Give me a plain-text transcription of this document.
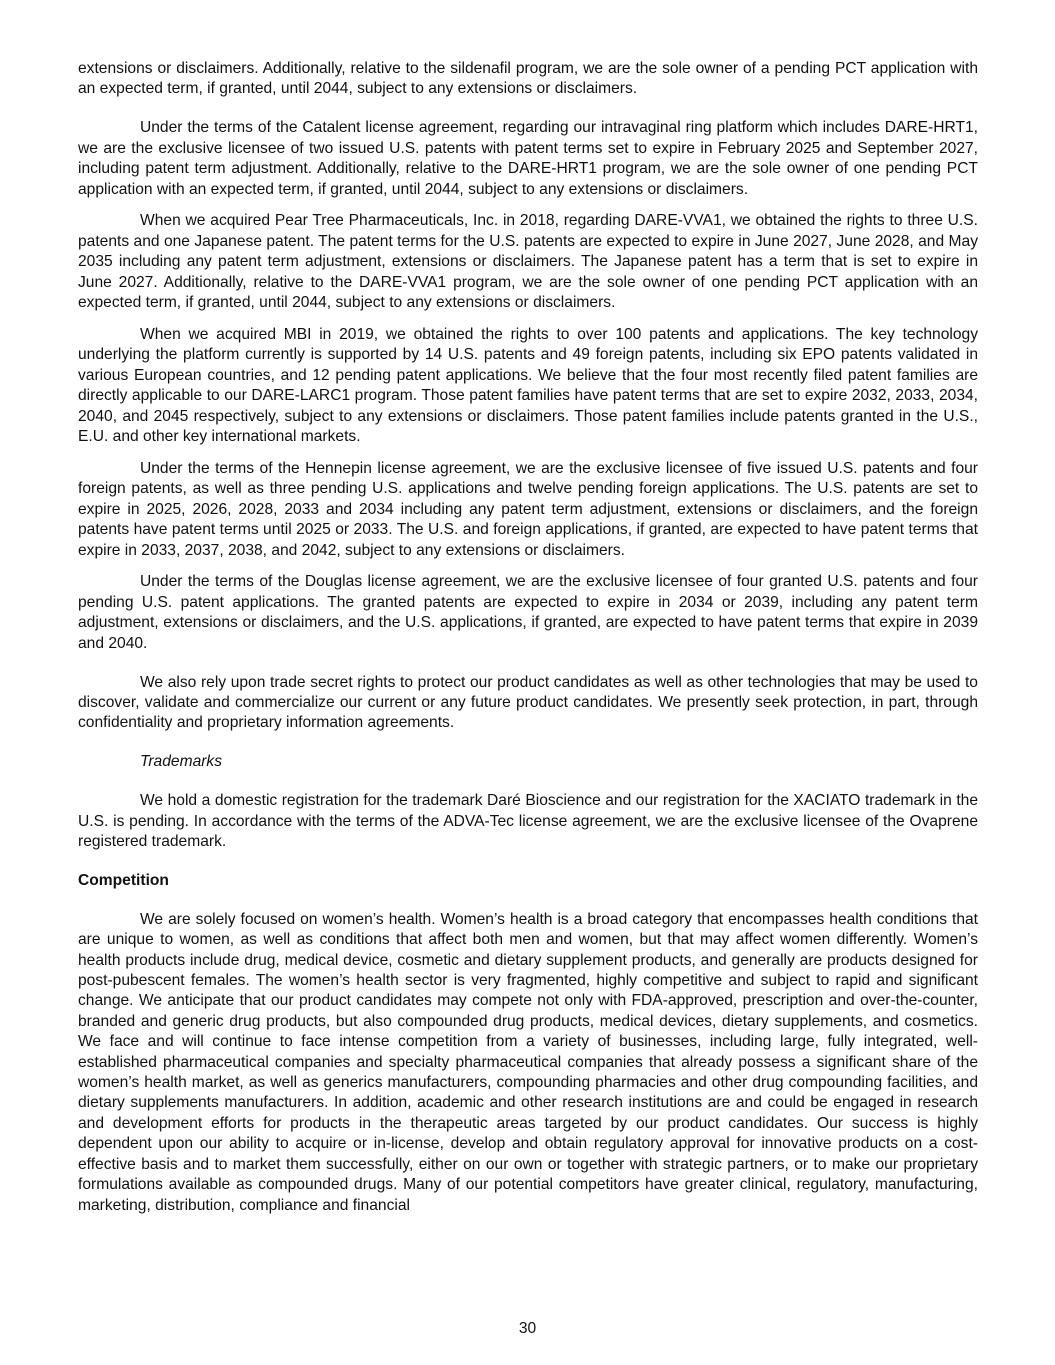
extensions or disclaimers. Additionally, relative to the sildenafil program, we are the sole owner of a pending PCT application with an expected term, if granted, until 2044, subject to any extensions or disclaimers.

Under the terms of the Catalent license agreement, regarding our intravaginal ring platform which includes DARE-HRT1, we are the exclusive licensee of two issued U.S. patents with patent terms set to expire in February 2025 and September 2027, including patent term adjustment. Additionally, relative to the DARE-HRT1 program, we are the sole owner of one pending PCT application with an expected term, if granted, until 2044, subject to any extensions or disclaimers.

When we acquired Pear Tree Pharmaceuticals, Inc. in 2018, regarding DARE-VVA1, we obtained the rights to three U.S. patents and one Japanese patent. The patent terms for the U.S. patents are expected to expire in June 2027, June 2028, and May 2035 including any patent term adjustment, extensions or disclaimers. The Japanese patent has a term that is set to expire in June 2027. Additionally, relative to the DARE-VVA1 program, we are the sole owner of one pending PCT application with an expected term, if granted, until 2044, subject to any extensions or disclaimers.

When we acquired MBI in 2019, we obtained the rights to over 100 patents and applications. The key technology underlying the platform currently is supported by 14 U.S. patents and 49 foreign patents, including six EPO patents validated in various European countries, and 12 pending patent applications. We believe that the four most recently filed patent families are directly applicable to our DARE-LARC1 program. Those patent families have patent terms that are set to expire 2032, 2033, 2034, 2040, and 2045 respectively, subject to any extensions or disclaimers. Those patent families include patents granted in the U.S., E.U. and other key international markets.

Under the terms of the Hennepin license agreement, we are the exclusive licensee of five issued U.S. patents and four foreign patents, as well as three pending U.S. applications and twelve pending foreign applications. The U.S. patents are set to expire in 2025, 2026, 2028, 2033 and 2034 including any patent term adjustment, extensions or disclaimers, and the foreign patents have patent terms until 2025 or 2033. The U.S. and foreign applications, if granted, are expected to have patent terms that expire in 2033, 2037, 2038, and 2042, subject to any extensions or disclaimers.

Under the terms of the Douglas license agreement, we are the exclusive licensee of four granted U.S. patents and four pending U.S. patent applications. The granted patents are expected to expire in 2034 or 2039, including any patent term adjustment, extensions or disclaimers, and the U.S. applications, if granted, are expected to have patent terms that expire in 2039 and 2040.

We also rely upon trade secret rights to protect our product candidates as well as other technologies that may be used to discover, validate and commercialize our current or any future product candidates. We presently seek protection, in part, through confidentiality and proprietary information agreements.

Trademarks

We hold a domestic registration for the trademark Daré Bioscience and our registration for the XACIATO trademark in the U.S. is pending. In accordance with the terms of the ADVA-Tec license agreement, we are the exclusive licensee of the Ovaprene registered trademark.

Competition

We are solely focused on women’s health. Women’s health is a broad category that encompasses health conditions that are unique to women, as well as conditions that affect both men and women, but that may affect women differently. Women’s health products include drug, medical device, cosmetic and dietary supplement products, and generally are products designed for post-pubescent females. The women’s health sector is very fragmented, highly competitive and subject to rapid and significant change. We anticipate that our product candidates may compete not only with FDA-approved, prescription and over-the-counter, branded and generic drug products, but also compounded drug products, medical devices, dietary supplements, and cosmetics. We face and will continue to face intense competition from a variety of businesses, including large, fully integrated, well-established pharmaceutical companies and specialty pharmaceutical companies that already possess a significant share of the women’s health market, as well as generics manufacturers, compounding pharmacies and other drug compounding facilities, and dietary supplements manufacturers. In addition, academic and other research institutions are and could be engaged in research and development efforts for products in the therapeutic areas targeted by our product candidates. Our success is highly dependent upon our ability to acquire or in-license, develop and obtain regulatory approval for innovative products on a cost-effective basis and to market them successfully, either on our own or together with strategic partners, or to make our proprietary formulations available as compounded drugs. Many of our potential competitors have greater clinical, regulatory, manufacturing, marketing, distribution, compliance and financial

30
